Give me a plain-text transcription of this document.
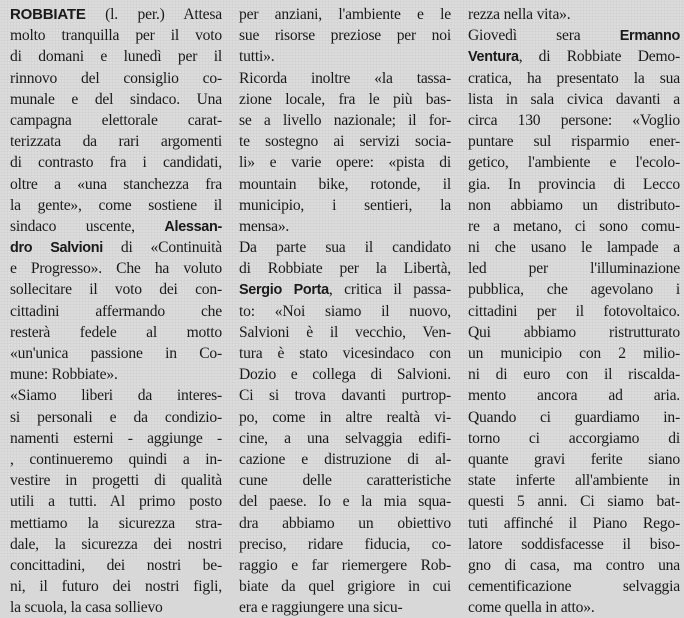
ROBBIATE (l. per.) Attesa
molto tranquilla per il voto
di domani e lunedì per il
rinnovo del consiglio co-
munale e del sindaco. Una
campagna elettorale carat-
terizzata da rari argomenti
di contrasto fra i candidati,
oltre a «una stanchezza fra
la gente», come sostiene il
sindaco uscente, Alessan-
dro Salvioni di «Continuità
e Progresso». Che ha voluto
sollecitare il voto dei con-
cittadini affermando che
resterà fedele al motto
«un'unica passione in Co-
mune: Robbiate».
«Siamo liberi da interes-
si personali e da condizio-
namenti esterni - aggiunge -
, continueremo quindi a in-
vestire in progetti di qualità
utili a tutti. Al primo posto
mettiamo la sicurezza stra-
dale, la sicurezza dei nostri
concittadini, dei nostri be-
ni, il futuro dei nostri figli,
la scuola, la casa sollievo
per anziani, l'ambiente e le
sue risorse preziose per noi
tutti».
Ricorda inoltre «la tassa-
zione locale, fra le più bas-
se a livello nazionale; il for-
te sostegno ai servizi socia-
li» e varie opere: «pista di
mountain bike, rotonde, il
municipio, i sentieri, la
mensa».
Da parte sua il candidato
di Robbiate per la Libertà,
Sergio Porta, critica il passa-
to: «Noi siamo il nuovo,
Salvioni è il vecchio, Ven-
tura è stato vicesindaco con
Dozio e collega di Salvioni.
Ci si trova davanti purtrop-
po, come in altre realtà vi-
cine, a una selvaggia edifi-
cazione e distruzione di al-
cune delle caratteristiche
del paese. Io e la mia squa-
dra abbiamo un obiettivo
preciso, ridare fiducia, co-
raggio e far riemergere Rob-
biate da quel grigiore in cui
era e raggiungere una sicu-
rezza nella vita».
Giovedì sera Ermanno
Ventura, di Robbiate Demo-
cratica, ha presentato la sua
lista in sala civica davanti a
circa 130 persone: «Voglio
puntare sul risparmio ener-
getico, l'ambiente e l'ecolo-
gia. In provincia di Lecco
non abbiamo un distributo-
re a metano, ci sono comu-
ni che usano le lampade a
led per l'illuminazione
pubblica, che agevolano i
cittadini per il fotovoltaico.
Qui abbiamo ristrutturato
un municipio con 2 milio-
ni di euro con il riscalda-
mento ancora ad aria.
Quando ci guardiamo in-
torno ci accorgiamo di
quante gravi ferite siano
state inferte all'ambiente in
questi 5 anni. Ci siamo bat-
tuti affinché il Piano Rego-
latore soddisfacesse il biso-
gno di casa, ma contro una
cementificazione selvaggia
come quella in atto».
